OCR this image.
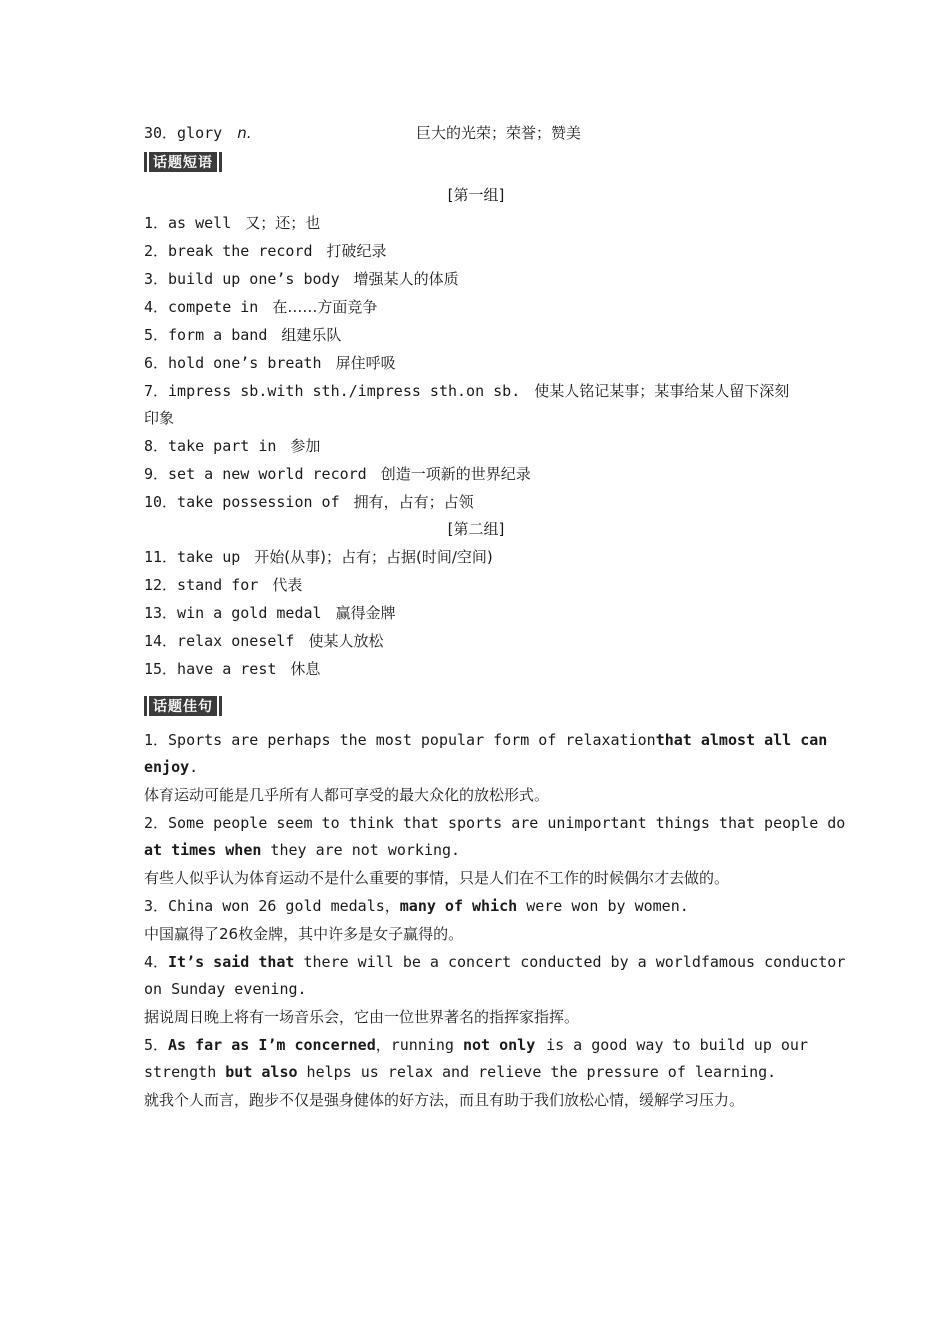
30．glory n.	巨大的光荣；荣誉；赞美
话题短语
[第一组]
1．as well 又；还；也
2．break the record 打破纪录
3．build up one’s body 增强某人的体质
4．compete in 在……方面竞争
5．form a band 组建乐队
6．hold one’s breath 屏住呼吸
7．impress sb.with sth./impress sth.on sb. 使某人铭记某事；某事给某人留下深刻
印象
8．take part in 参加
9．set a new world record 创造一项新的世界纪录
10．take possession of 拥有，占有；占领
[第二组]
11．take up 开始(从事)；占有；占据(时间/空间)
12．stand for 代表
13．win a gold medal 赢得金牌
14．relax oneself 使某人放松
15．have a rest 休息
话题佳句
1．Sports are perhaps the most popular form of relaxation that almost all can
enjoy.
体育运动可能是几乎所有人都可享受的最大众化的放松形式。
2．Some people seem to think that sports are unimportant things that people do
at times when they are not working.
有些人似乎认为体育运动不是什么重要的事情，只是人们在不工作的时候偶尔才去做的。
3．China won 26 gold medals，many of which were won by women.
中国赢得了26枚金牌，其中许多是女子赢得的。
4．It’s said that there will be a concert conducted by a worldfamous conductor
on Sunday evening.
据说周日晚上将有一场音乐会，它由一位世界著名的指挥家指挥。
5．As far as I’m concerned，running not only is a good way to build up our
strength but also helps us relax and relieve the pressure of learning.
就我个人而言，跑步不仅是强身健体的好方法，而且有助于我们放松心情，缓解学习压力。
